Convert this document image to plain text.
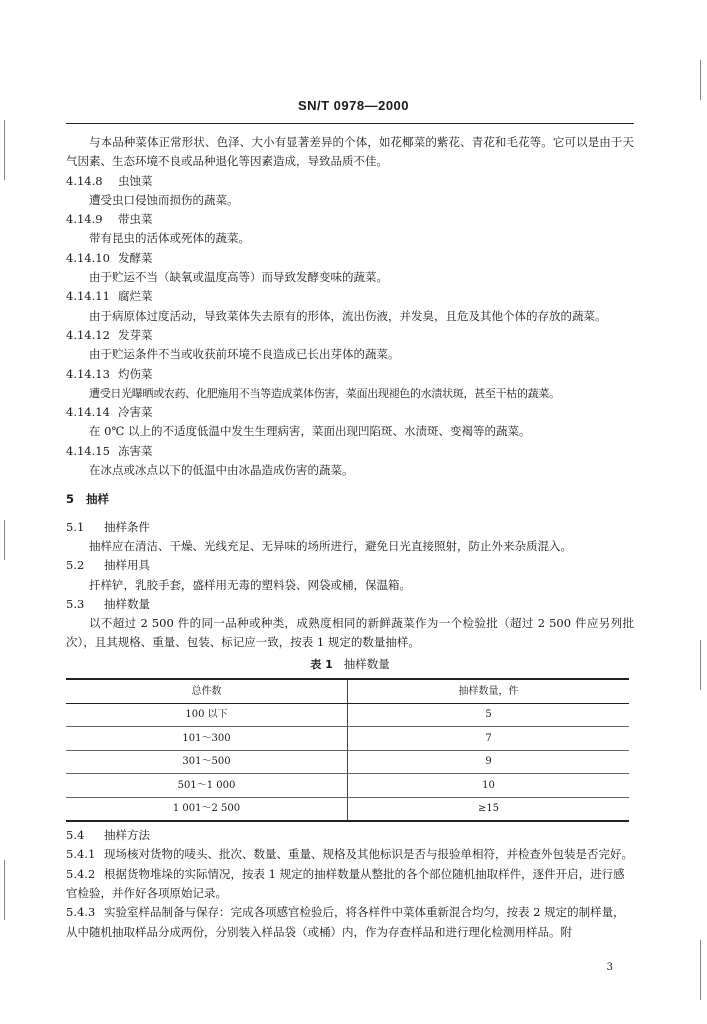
SN/T 0978—2000

与本品种菜体正常形状、色泽、大小有显著差异的个体，如花椰菜的紫花、青花和毛花等。它可以是由于天气因素、生态环境不良或品种退化等因素造成，导致品质不佳。

4.14.8 虫蚀菜

遭受虫口侵蚀而损伤的蔬菜。

4.14.9 带虫菜

带有昆虫的活体或死体的蔬菜。

4.14.10 发酵菜

由于贮运不当（缺氧或温度高等）而导致发酵变味的蔬菜。

4.14.11 腐烂菜

由于病原体过度活动，导致菜体失去原有的形体，流出伤液，并发臭，且危及其他个体的存放的蔬菜。

4.14.12 发芽菜

由于贮运条件不当或收获前环境不良造成已长出芽体的蔬菜。

4.14.13 灼伤菜

遭受日光曝晒或农药、化肥施用不当等造成菜体伤害，菜面出现褪色的水渍状斑，甚至干枯的蔬菜。

4.14.14 冷害菜

在 0℃ 以上的不适度低温中发生生理病害，菜面出现凹陷斑、水渍斑、变褐等的蔬菜。

4.14.15 冻害菜

在冰点或冰点以下的低温中由冰晶造成伤害的蔬菜。

5 抽样

5.1 抽样条件

抽样应在清洁、干燥、光线充足、无异味的场所进行，避免日光直接照射，防止外来杂质混入。

5.2 抽样用具

扦样铲，乳胶手套，盛样用无毒的塑料袋、网袋或桶，保温箱。

5.3 抽样数量

以不超过 2 500 件的同一品种或种类，成熟度相同的新鲜蔬菜作为一个检验批（超过 2 500 件应另列批次），且其规格、重量、包装、标记应一致，按表 1 规定的数量抽样。

表 1 抽样数量

总件数	抽样数量，件
100 以下	5
101～300	7
301～500	9
501～1 000	10
1 001～2 500	≥15

5.4 抽样方法

5.4.1 现场核对货物的唛头、批次、数量、重量、规格及其他标识是否与报验单相符，并检查外包装是否完好。

5.4.2 根据货物堆垛的实际情况，按表 1 规定的抽样数量从整批的各个部位随机抽取样件，逐件开启，进行感官检验，并作好各项原始记录。

5.4.3 实验室样品制备与保存：完成各项感官检验后，将各样件中菜体重新混合均匀，按表 2 规定的制样量，从中随机抽取样品分成两份，分别装入样品袋（或桶）内，作为存查样品和进行理化检测用样品。附

3
